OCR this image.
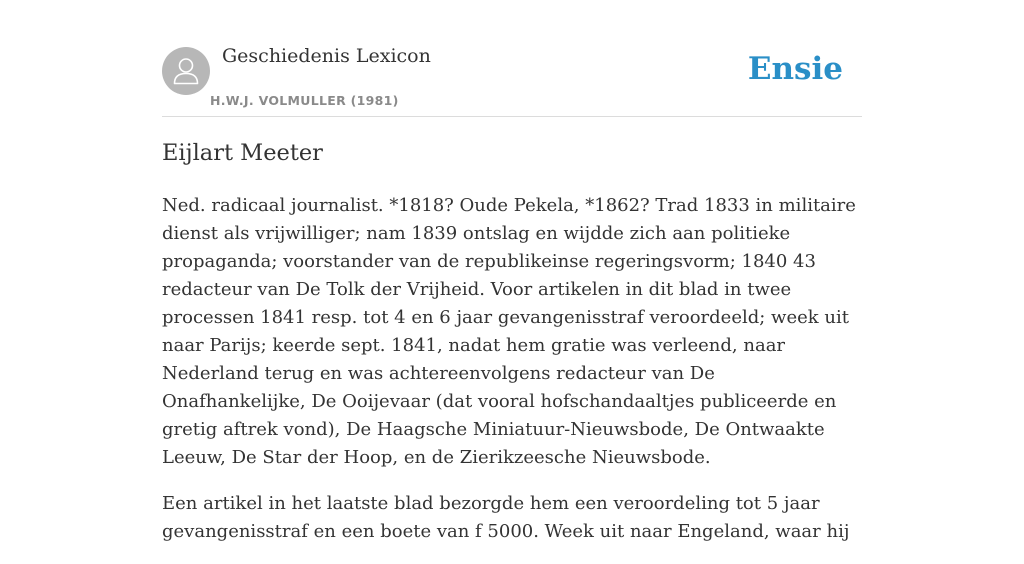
Geschiedenis Lexicon
H.W.J. VOLMULLER (1981)
Ensie
Eijlart Meeter

Ned. radicaal journalist. *1818? Oude Pekela, *1862? Trad 1833 in militaire dienst als vrijwilliger; nam 1839 ontslag en wijdde zich aan politieke propaganda; voorstander van de republikeinse regeringsvorm; 1840 43 redacteur van De Tolk der Vrijheid. Voor artikelen in dit blad in twee processen 1841 resp. tot 4 en 6 jaar gevangenisstraf veroordeeld; week uit naar Parijs; keerde sept. 1841, nadat hem gratie was verleend, naar Nederland terug en was achtereenvolgens redacteur van De Onafhankelijke, De Ooijevaar (dat vooral hofschandaaltjes publiceerde en gretig aftrek vond), De Haagsche Miniatuur-Nieuwsbode, De Ontwaakte Leeuw, De Star der Hoop, en de Zierikzeesche Nieuwsbode.

Een artikel in het laatste blad bezorgde hem een veroordeling tot 5 jaar gevangenisstraf en een boete van f 5000. Week uit naar Engeland, waar hij
